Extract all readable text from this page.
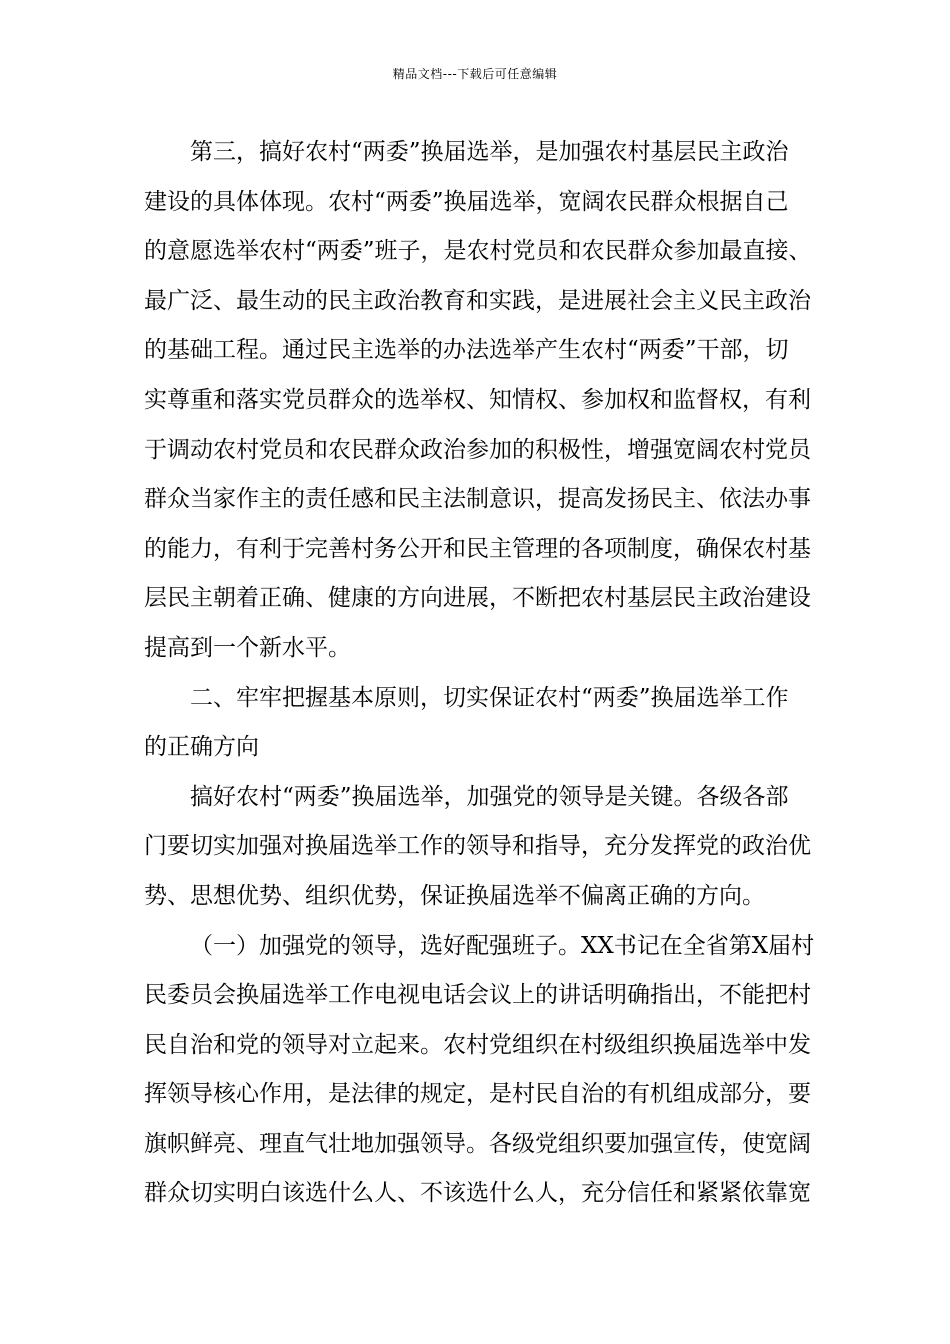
精品文档---下载后可任意编辑
第三，搞好农村“两委”换届选举，是加强农村基层民主政治
建设的具体体现。农村“两委”换届选举，宽阔农民群众根据自己
的意愿选举农村“两委”班子，是农村党员和农民群众参加最直接、
最广泛、最生动的民主政治教育和实践，是进展社会主义民主政治
的基础工程。通过民主选举的办法选举产生农村“两委”干部，切
实尊重和落实党员群众的选举权、知情权、参加权和监督权，有利
于调动农村党员和农民群众政治参加的积极性，增强宽阔农村党员
群众当家作主的责任感和民主法制意识，提高发扬民主、依法办事
的能力，有利于完善村务公开和民主管理的各项制度，确保农村基
层民主朝着正确、健康的方向进展，不断把农村基层民主政治建设
提高到一个新水平。
二、牢牢把握基本原则，切实保证农村“两委”换届选举工作
的正确方向
搞好农村“两委”换届选举，加强党的领导是关键。各级各部
门要切实加强对换届选举工作的领导和指导，充分发挥党的政治优
势、思想优势、组织优势，保证换届选举不偏离正确的方向。
（一）加强党的领导，选好配强班子。XX书记在全省第X届村
民委员会换届选举工作电视电话会议上的讲话明确指出，不能把村
民自治和党的领导对立起来。农村党组织在村级组织换届选举中发
挥领导核心作用，是法律的规定，是村民自治的有机组成部分，要
旗帜鲜亮、理直气壮地加强领导。各级党组织要加强宣传，使宽阔
群众切实明白该选什么人、不该选什么人，充分信任和紧紧依靠宽
